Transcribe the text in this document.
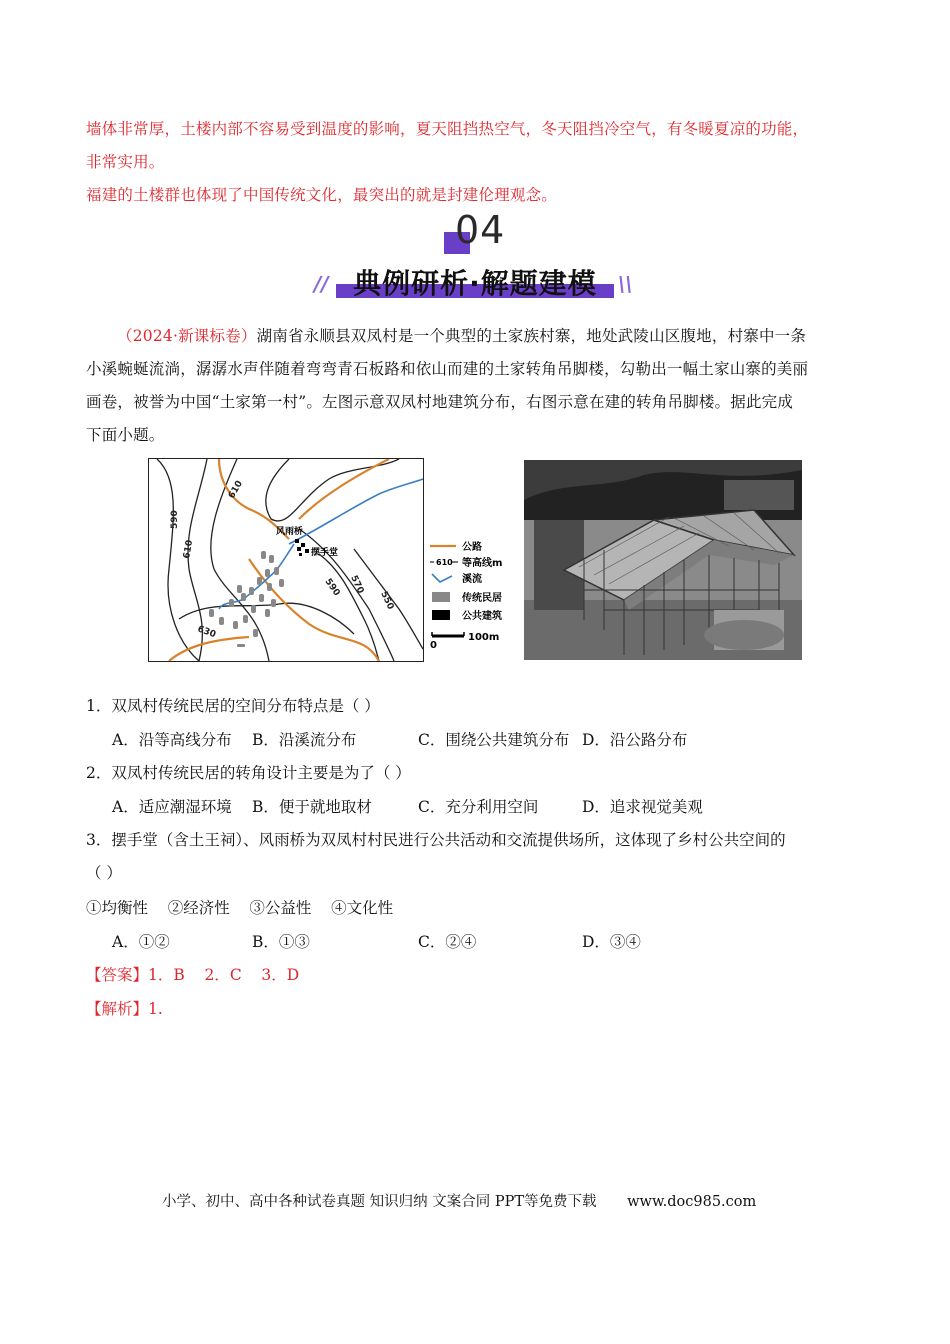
墙体非常厚，土楼内部不容易受到温度的影响，夏天阻挡热空气，冬天阻挡冷空气，有冬暖夏凉的功能，
非常实用。
福建的土楼群也体现了中国传统文化，最突出的就是封建伦理观念。
04
// 典例研析·解题建模	\\
（2024·新课标卷）湖南省永顺县双凤村是一个典型的土家族村寨，地处武陵山区腹地，村寨中一条
小溪蜿蜒流淌，潺潺水声伴随着弯弯青石板路和依山而建的土家转角吊脚楼，勾勒出一幅土家山寨的美丽
画卷，被誉为中国“土家第一村”。左图示意双凤村地建筑分布，右图示意在建的转角吊脚楼。据此完成
下面小题。
610
590
610
630
590 570
550
风雨桥
摆手堂	公路
610 等高线m
溪流
传统民居
公共建筑
0
100m
1．双凤村传统民居的空间分布特点是（ ）
A．沿等高线分布 B．沿溪流分布	C．围绕公共建筑分布 D．沿公路分布
2．双凤村传统民居的转角设计主要是为了（ ）
A．适应潮湿环境 B．便于就地取材	C．充分利用空间	D．追求视觉美观
3．摆手堂（含土王祠）、风雨桥为双凤村村民进行公共活动和交流提供场所，这体现了乡村公共空间的
（ ）
①均衡性    ②经济性    ③公益性    ④文化性
A．①②	B．①③	C．②④	D．③④
【答案】1．B    2．C    3．D
【解析】1.
小学、初中、高中各种试卷真题 知识归纳 文案合同 PPT等免费下载 www.doc985.com
